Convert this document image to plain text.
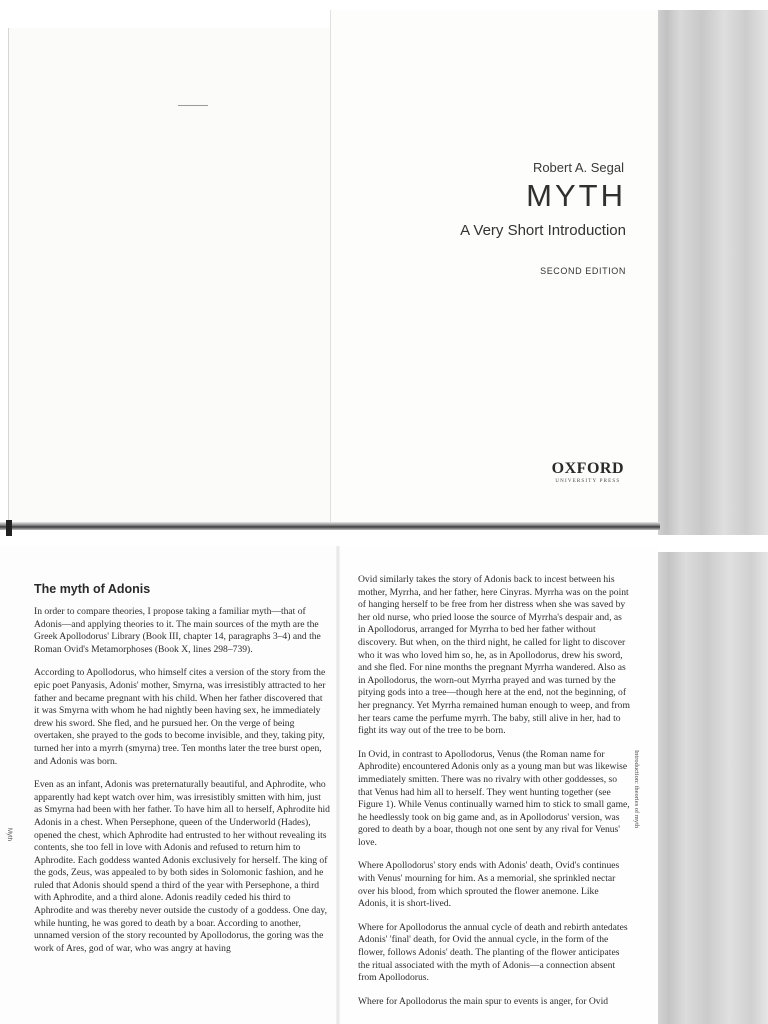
Robert A. Segal
MYTH
A Very Short Introduction
SECOND EDITION
OXFORD
UNIVERSITY PRESS
Myth
The myth of Adonis

In order to compare theories, I propose taking a familiar myth—that of Adonis—and applying theories to it. The main sources of the myth are the Greek Apollodorus' Library (Book III, chapter 14, paragraphs 3–4) and the Roman Ovid's Metamorphoses (Book X, lines 298–739).

According to Apollodorus, who himself cites a version of the story from the epic poet Panyasis, Adonis' mother, Smyrna, was irresistibly attracted to her father and became pregnant with his child. When her father discovered that it was Smyrna with whom he had nightly been having sex, he immediately drew his sword. She fled, and he pursued her. On the verge of being overtaken, she prayed to the gods to become invisible, and they, taking pity, turned her into a myrrh (smyrna) tree. Ten months later the tree burst open, and Adonis was born.

Even as an infant, Adonis was preternaturally beautiful, and Aphrodite, who apparently had kept watch over him, was irresistibly smitten with him, just as Smyrna had been with her father. To have him all to herself, Aphrodite hid Adonis in a chest. When Persephone, queen of the Underworld (Hades), opened the chest, which Aphrodite had entrusted to her without revealing its contents, she too fell in love with Adonis and refused to return him to Aphrodite. Each goddess wanted Adonis exclusively for herself. The king of the gods, Zeus, was appealed to by both sides in Solomonic fashion, and he ruled that Adonis should spend a third of the year with Persephone, a third with Aphrodite, and a third alone. Adonis readily ceded his third to Aphrodite and was thereby never outside the custody of a goddess. One day, while hunting, he was gored to death by a boar. According to another, unnamed version of the story recounted by Apollodorus, the goring was the work of Ares, god of war, who was angry at having

Ovid similarly takes the story of Adonis back to incest between his mother, Myrrha, and her father, here Cinyras. Myrrha was on the point of hanging herself to be free from her distress when she was saved by her old nurse, who pried loose the source of Myrrha's despair and, as in Apollodorus, arranged for Myrrha to bed her father without discovery. But when, on the third night, he called for light to discover who it was who loved him so, he, as in Apollodorus, drew his sword, and she fled. For nine months the pregnant Myrrha wandered. Also as in Apollodorus, the worn-out Myrrha prayed and was turned by the pitying gods into a tree—though here at the end, not the beginning, of her pregnancy. Yet Myrrha remained human enough to weep, and from her tears came the perfume myrrh. The baby, still alive in her, had to fight its way out of the tree to be born.

In Ovid, in contrast to Apollodorus, Venus (the Roman name for Aphrodite) encountered Adonis only as a young man but was likewise immediately smitten. There was no rivalry with other goddesses, so that Venus had him all to herself. They went hunting together (see Figure 1). While Venus continually warned him to stick to small game, he heedlessly took on big game and, as in Apollodorus' version, was gored to death by a boar, though not one sent by any rival for Venus' love.

Where Apollodorus' story ends with Adonis' death, Ovid's continues with Venus' mourning for him. As a memorial, she sprinkled nectar over his blood, from which sprouted the flower anemone. Like Adonis, it is short-lived.

Where for Apollodorus the annual cycle of death and rebirth antedates Adonis' 'final' death, for Ovid the annual cycle, in the form of the flower, follows Adonis' death. The planting of the flower anticipates the ritual associated with the myth of Adonis—a connection absent from Apollodorus.

Where for Apollodorus the main spur to events is anger, for Ovid

Introduction: theories of myth
